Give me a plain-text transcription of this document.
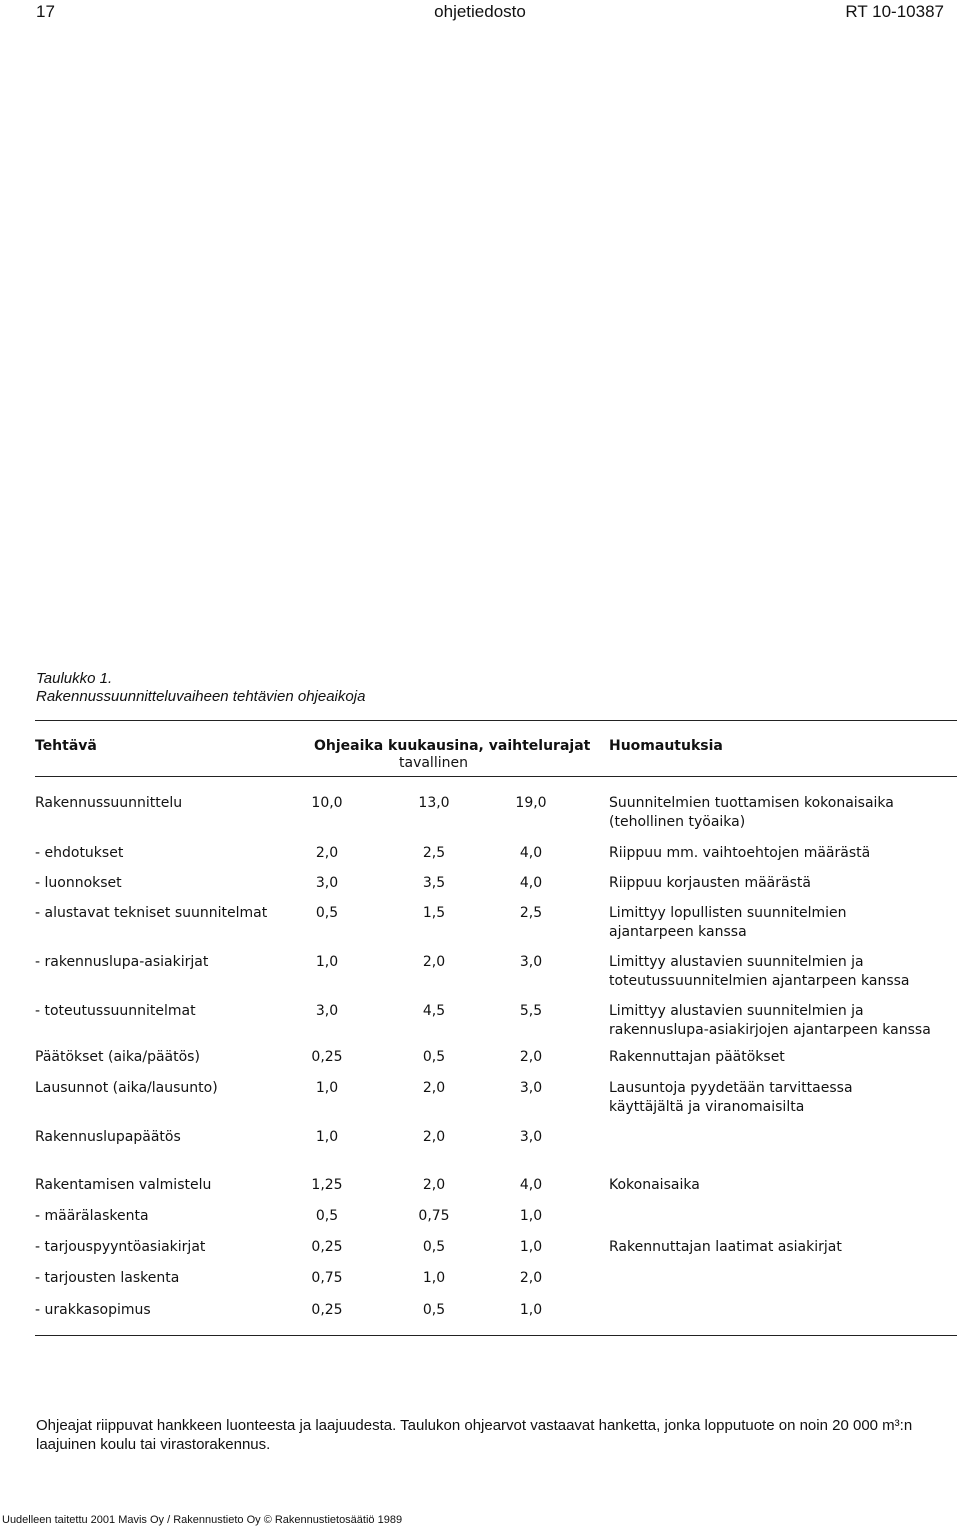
17	ohjetiedosto	RT 10-10387
Taulukko 1.
Rakennussuunnitteluvaiheen tehtävien ohjeaikoja
Tehtävä	Ohjeaika kuukausina, vaihtelurajat
tavallinen
Huomautuksia
Rakennussuunnittelu	10,0	13,0	19,0	Suunnitelmien tuottamisen kokonaisaika
(tehollinen työaika)
- ehdotukset	2,0	2,5	4,0	Riippuu mm. vaihtoehtojen määrästä
- luonnokset	3,0	3,5	4,0	Riippuu korjausten määrästä
- alustavat tekniset suunnitelmat	0,5	1,5	2,5	Limittyy lopullisten suunnitelmien
ajantarpeen kanssa
- rakennuslupa-asiakirjat	1,0	2,0	3,0	Limittyy alustavien suunnitelmien ja
toteutussuunnitelmien ajantarpeen kanssa
- toteutussuunnitelmat	3,0	4,5	5,5	Limittyy alustavien suunnitelmien ja
rakennuslupa-asiakirjojen ajantarpeen kanssa
Päätökset (aika/päätös)	0,25	0,5	2,0	Rakennuttajan päätökset
Lausunnot (aika/lausunto)	1,0	2,0	3,0	Lausuntoja pyydetään tarvittaessa
käyttäjältä ja viranomaisilta
Rakennuslupapäätös	1,0	2,0	3,0
Rakentamisen valmistelu	1,25	2,0	4,0	Kokonaisaika
- määrälaskenta	0,5	0,75	1,0
- tarjouspyyntöasiakirjat	0,25	0,5	1,0	Rakennuttajan laatimat asiakirjat
- tarjousten laskenta	0,75	1,0	2,0
- urakkasopimus	0,25	0,5	1,0
Ohjeajat riippuvat hankkeen luonteesta ja laajuudesta. Taulukon ohjearvot vastaavat hanketta, jonka lopputuote on noin 20 000 m³:n laajuinen koulu tai virastorakennus.
Uudelleen taitettu 2001 Mavis Oy / Rakennustieto Oy © Rakennustietosäätiö 1989
